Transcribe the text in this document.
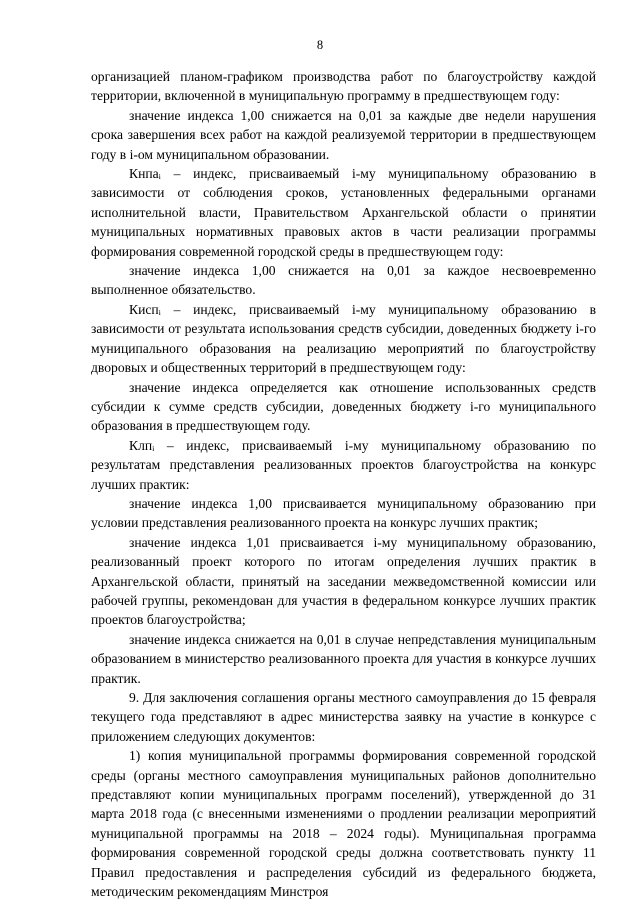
8

организацией планом-графиком производства работ по благоустройству каждой территории, включенной в муниципальную программу в предшествующем году:

значение индекса 1,00 снижается на 0,01 за каждые две недели нарушения срока завершения всех работ на каждой реализуемой территории в предшествующем году в i-ом муниципальном образовании.

Кнпаᵢ – индекс, присваиваемый i-му муниципальному образованию в зависимости от соблюдения сроков, установленных федеральными органами исполнительной власти, Правительством Архангельской области о принятии муниципальных нормативных правовых актов в части реализации программы формирования современной городской среды в предшествующем году:

значение индекса 1,00 снижается на 0,01 за каждое несвоевременно выполненное обязательство.

Киспᵢ – индекс, присваиваемый i-му муниципальному образованию в зависимости от результата использования средств субсидии, доведенных бюджету i-го муниципального образования на реализацию мероприятий по благоустройству дворовых и общественных территорий в предшествующем году:

значение индекса определяется как отношение использованных средств субсидии к сумме средств субсидии, доведенных бюджету i-го муниципального образования в предшествующем году.

Клпᵢ – индекс, присваиваемый i-му муниципальному образованию по результатам представления реализованных проектов благоустройства на конкурс лучших практик:

значение индекса 1,00 присваивается муниципальному образованию при условии представления реализованного проекта на конкурс лучших практик;

значение индекса 1,01 присваивается i-му муниципальному образованию, реализованный проект которого по итогам определения лучших практик в Архангельской области, принятый на заседании межведомственной комиссии или рабочей группы, рекомендован для участия в федеральном конкурсе лучших практик проектов благоустройства;

значение индекса снижается на 0,01 в случае непредставления муниципальным образованием в министерство реализованного проекта для участия в конкурсе лучших практик.

9. Для заключения соглашения органы местного самоуправления до 15 февраля текущего года представляют в адрес министерства заявку на участие в конкурсе с приложением следующих документов:

1) копия муниципальной программы формирования современной городской среды (органы местного самоуправления муниципальных районов дополнительно представляют копии муниципальных программ поселений), утвержденной до 31 марта 2018 года (с внесенными изменениями о продлении реализации мероприятий муниципальной программы на 2018 – 2024 годы). Муниципальная программа формирования современной городской среды должна соответствовать пункту 11 Правил предоставления и распределения субсидий из федерального бюджета, методическим рекомендациям Минстроя
